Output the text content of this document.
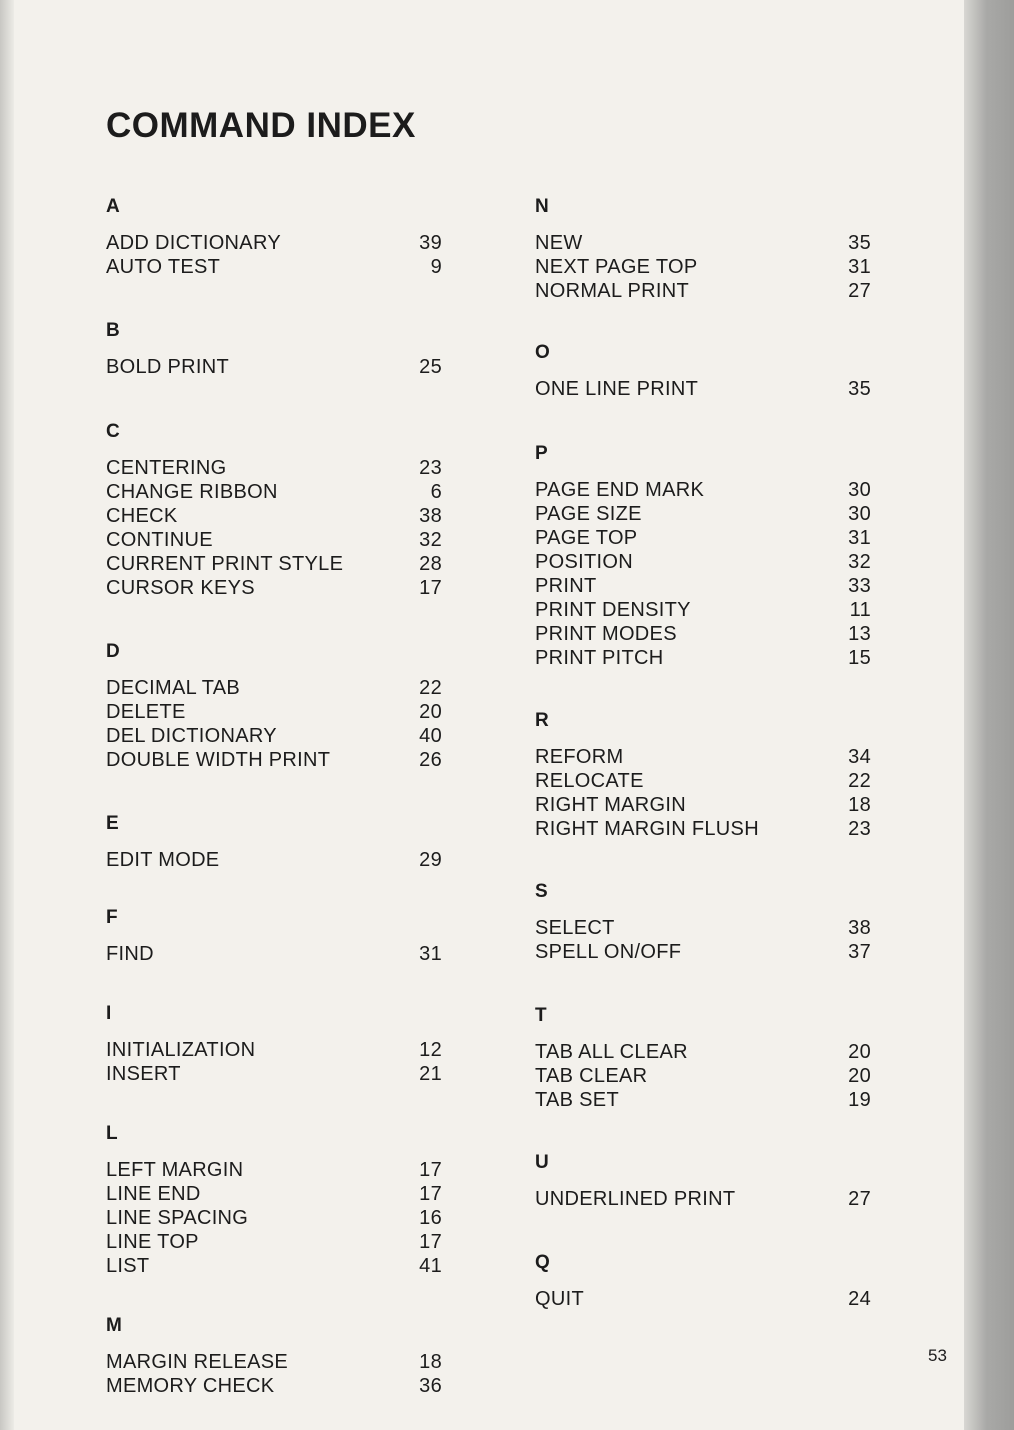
COMMAND INDEX
A
ADD DICTIONARY	39
AUTO TEST	9
B
BOLD PRINT	25
C
CENTERING	23
CHANGE RIBBON	6
CHECK	38
CONTINUE	32
CURRENT PRINT STYLE	28
CURSOR KEYS	17
D
DECIMAL TAB	22
DELETE	20
DEL DICTIONARY	40
DOUBLE WIDTH PRINT	26
E
EDIT MODE	29
F
FIND	31
I
INITIALIZATION	12
INSERT	21
L
LEFT MARGIN	17
LINE END	17
LINE SPACING	16
LINE TOP	17
LIST	41
M
MARGIN RELEASE	18
MEMORY CHECK	36
N
NEW	35
NEXT PAGE TOP	31
NORMAL PRINT	27
O
ONE LINE PRINT	35
P
PAGE END MARK	30
PAGE SIZE	30
PAGE TOP	31
POSITION	32
PRINT	33
PRINT DENSITY	11
PRINT MODES	13
PRINT PITCH	15
R
REFORM	34
RELOCATE	22
RIGHT MARGIN	18
RIGHT MARGIN FLUSH	23
S
SELECT	38
SPELL ON/OFF	37
T
TAB ALL CLEAR	20
TAB CLEAR	20
TAB SET	19
U
UNDERLINED PRINT	27
Q
QUIT	24
53
